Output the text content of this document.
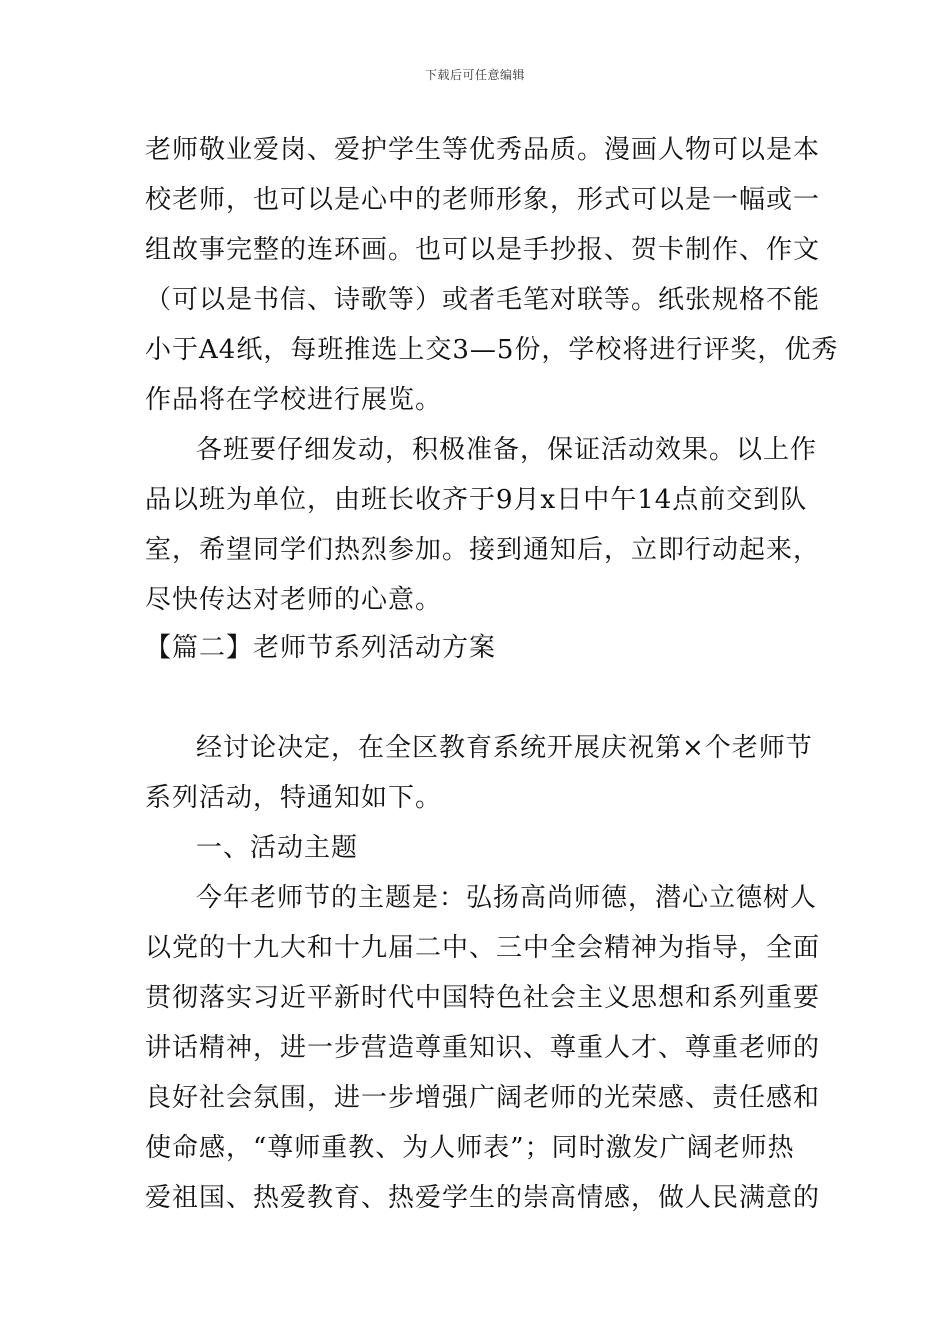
下载后可任意编辑
老师敬业爱岗、爱护学生等优秀品质。漫画人物可以是本
校老师，也可以是心中的老师形象，形式可以是一幅或一
组故事完整的连环画。也可以是手抄报、贺卡制作、作文
（可以是书信、诗歌等）或者毛笔对联等。纸张规格不能
小于A4纸，每班推选上交3—5份，学校将进行评奖，优秀
作品将在学校进行展览。
各班要仔细发动，积极准备，保证活动效果。以上作
品以班为单位，由班长收齐于9月x日中午14点前交到队
室，希望同学们热烈参加。接到通知后，立即行动起来，
尽快传达对老师的心意。
【篇二】老师节系列活动方案
经讨论决定，在全区教育系统开展庆祝第×个老师节
系列活动，特通知如下。
一、活动主题
今年老师节的主题是：弘扬高尚师德，潜心立德树人
以党的十九大和十九届二中、三中全会精神为指导，全面
贯彻落实习近平新时代中国特色社会主义思想和系列重要
讲话精神，进一步营造尊重知识、尊重人才、尊重老师的
良好社会氛围，进一步增强广阔老师的光荣感、责任感和
使命感，“尊师重教、为人师表”；同时激发广阔老师热
爱祖国、热爱教育、热爱学生的崇高情感，做人民满意的
